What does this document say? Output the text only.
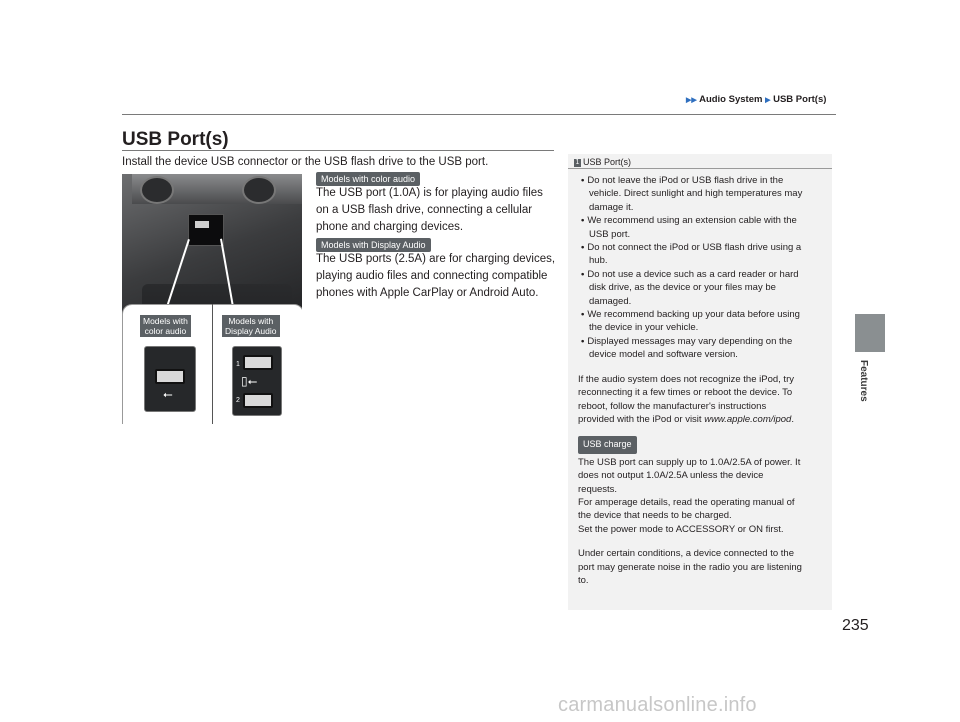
▶▶ Audio System ▶ USB Port(s)
Features
USB Port(s)
Install the device USB connector or the USB flash drive to the USB port.
Models with
color audio
Models with
Display Audio
⭠
1
▯⭠
2
Models with color audio
The USB port (1.0A) is for playing audio files
on a USB flash drive, connecting a cellular
phone and charging devices.
Models with Display Audio
The USB ports (2.5A) are for charging devices,
playing audio files and connecting compatible
phones with Apple CarPlay or Android Auto.
1 USB Port(s)
• Do not leave the iPod or USB flash drive in the
vehicle. Direct sunlight and high temperatures may
damage it.
• We recommend using an extension cable with the
USB port.
• Do not connect the iPod or USB flash drive using a
hub.
• Do not use a device such as a card reader or hard
disk drive, as the device or your files may be
damaged.
• We recommend backing up your data before using
the device in your vehicle.
• Displayed messages may vary depending on the
device model and software version.
If the audio system does not recognize the iPod, try
reconnecting it a few times or reboot the device. To
reboot, follow the manufacturer's instructions
provided with the iPod or visit www.apple.com/ipod.
USB charge
The USB port can supply up to 1.0A/2.5A of power. It
does not output 1.0A/2.5A unless the device
requests.
For amperage details, read the operating manual of
the device that needs to be charged.
Set the power mode to ACCESSORY or ON first.
Under certain conditions, a device connected to the
port may generate noise in the radio you are listening
to.
235
carmanualsonline.info
